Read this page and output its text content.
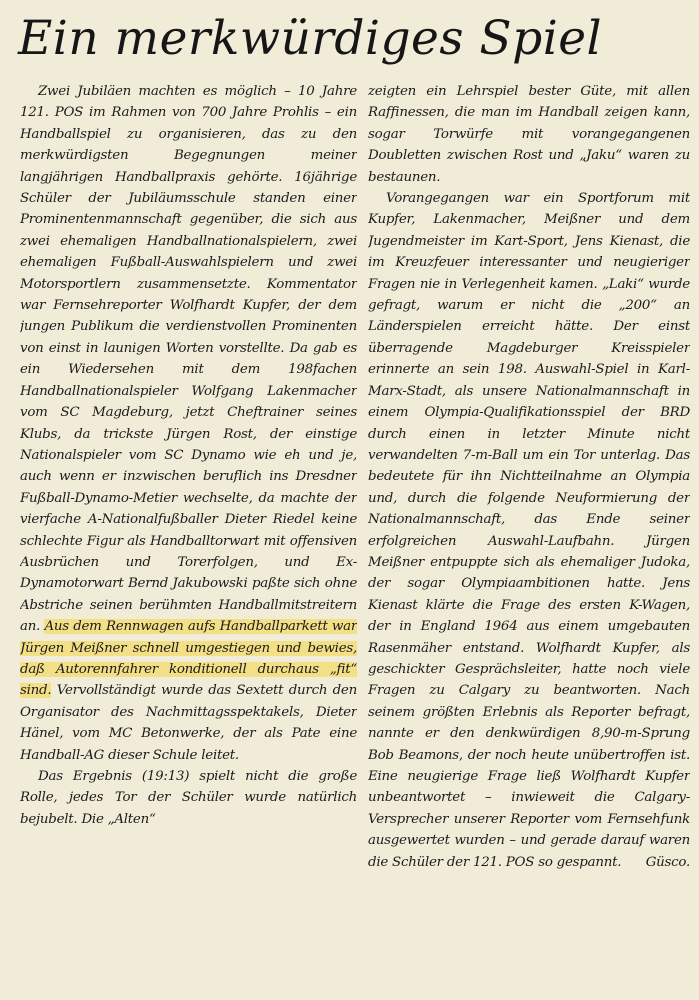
Ein merkwürdiges Spiel

Zwei Jubiläen machten es möglich – 10 Jahre 121. POS im Rahmen von 700 Jahre Prohlis – ein Handballspiel zu organisieren, das zu den merkwürdigsten Begegnungen meiner langjährigen Handballpraxis gehörte. 16jährige Schüler der Jubiläumsschule standen einer Prominentenmannschaft gegenüber, die sich aus zwei ehemaligen Handballnationalspielern, zwei ehemaligen Fußball-Auswahlspielern und zwei Motorsportlern zusammensetzte. Kommentator war Fernsehreporter Wolfhardt Kupfer, der dem jungen Publikum die verdienstvollen Prominenten von einst in launigen Worten vorstellte. Da gab es ein Wiedersehen mit dem 198fachen Handballnationalspieler Wolfgang Lakenmacher vom SC Magdeburg, jetzt Cheftrainer seines Klubs, da trickste Jürgen Rost, der einstige Nationalspieler vom SC Dynamo wie eh und je, auch wenn er inzwischen beruflich ins Dresdner Fußball-Dynamo-Metier wechselte, da machte der vierfache A-Nationalfußballer Dieter Riedel keine schlechte Figur als Handballtorwart mit offensiven Ausbrüchen und Torerfolgen, und Ex-Dynamotorwart Bernd Jakubowski paßte sich ohne Abstriche seinen berühmten Handballmitstreitern an. Aus dem Rennwagen aufs Handballparkett war Jürgen Meißner schnell umgestiegen und bewies, daß Autorennfahrer konditionell durchaus „fit“ sind. Vervollständigt wurde das Sextett durch den Organisator des Nachmittagsspektakels, Dieter Hänel, vom MC Betonwerke, der als Pate eine Handball-AG dieser Schule leitet.

Das Ergebnis (19:13) spielt nicht die große Rolle, jedes Tor der Schüler wurde natürlich bejubelt. Die „Alten“

zeigten ein Lehrspiel bester Güte, mit allen Raffinessen, die man im Handball zeigen kann, sogar Torwürfe mit vorangegangenen Doubletten zwischen Rost und „Jaku“ waren zu bestaunen.

Vorangegangen war ein Sportforum mit Kupfer, Lakenmacher, Meißner und dem Jugendmeister im Kart-Sport, Jens Kienast, die im Kreuzfeuer interessanter und neugieriger Fragen nie in Verlegenheit kamen. „Laki“ wurde gefragt, warum er nicht die „200“ an Länderspielen erreicht hätte. Der einst überragende Magdeburger Kreisspieler erinnerte an sein 198. Auswahl-Spiel in Karl-Marx-Stadt, als unsere Nationalmannschaft in einem Olympia-Qualifikationsspiel der BRD durch einen in letzter Minute nicht verwandelten 7-m-Ball um ein Tor unterlag. Das bedeutete für ihn Nichtteilnahme an Olympia und, durch die folgende Neuformierung der Nationalmannschaft, das Ende seiner erfolgreichen Auswahl-Laufbahn. Jürgen Meißner entpuppte sich als ehemaliger Judoka, der sogar Olympiaambitionen hatte. Jens Kienast klärte die Frage des ersten K-Wagen, der in England 1964 aus einem umgebauten Rasenmäher entstand. Wolfhardt Kupfer, als geschickter Gesprächsleiter, hatte noch viele Fragen zu Calgary zu beantworten. Nach seinem größten Erlebnis als Reporter befragt, nannte er den denkwürdigen 8,90-m-Sprung Bob Beamons, der noch heute unübertroffen ist. Eine neugierige Frage ließ Wolfhardt Kupfer unbeantwortet – inwieweit die Calgary-Versprecher unserer Reporter vom Fernsehfunk ausgewertet wurden – und gerade darauf waren die Schüler der 121. POS so gespannt.	Güsco.
